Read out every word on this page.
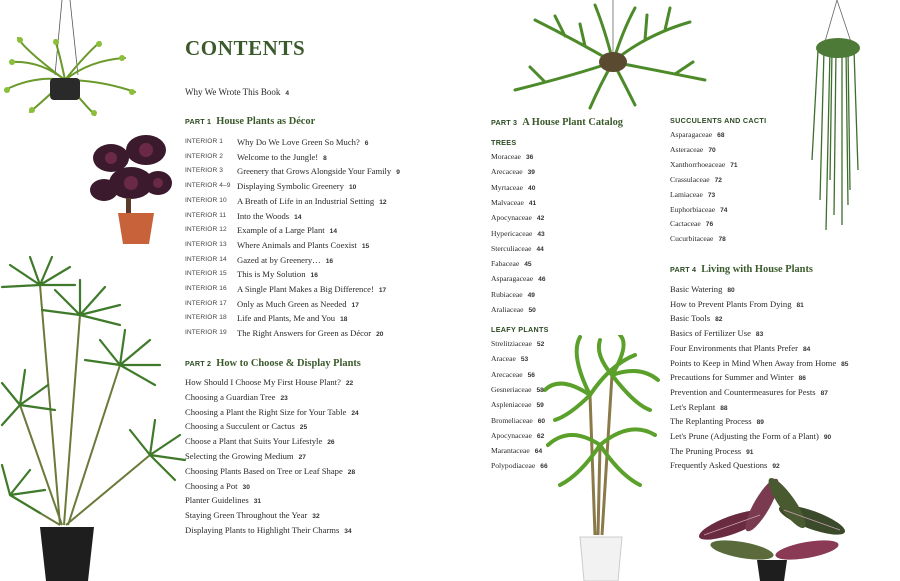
CONTENTS
Why We Wrote This Book 4
PART 1 House Plants as Décor
INTERIOR 1 Why Do We Love Green So Much? 6
INTERIOR 2 Welcome to the Jungle! 8
INTERIOR 3 Greenery that Grows Alongside Your Family 9
INTERIOR 4–9 Displaying Symbolic Greenery 10
INTERIOR 10 A Breath of Life in an Industrial Setting 12
INTERIOR 11 Into the Woods 14
INTERIOR 12 Example of a Large Plant 14
INTERIOR 13 Where Animals and Plants Coexist 15
INTERIOR 14 Gazed at by Greenery… 16
INTERIOR 15 This is My Solution 16
INTERIOR 16 A Single Plant Makes a Big Difference! 17
INTERIOR 17 Only as Much Green as Needed 17
INTERIOR 18 Life and Plants, Me and You 18
INTERIOR 19 The Right Answers for Green as Décor 20
PART 2 How to Choose & Display Plants
How Should I Choose My First House Plant? 22
Choosing a Guardian Tree 23
Choosing a Plant the Right Size for Your Table 24
Choosing a Succulent or Cactus 25
Choose a Plant that Suits Your Lifestyle 26
Selecting the Growing Medium 27
Choosing Plants Based on Tree or Leaf Shape 28
Choosing a Pot 30
Planter Guidelines 31
Staying Green Throughout the Year 32
Displaying Plants to Highlight Their Charms 34
PART 3 A House Plant Catalog
TREES
Moraceae 36
Arecaceae 39
Myrtaceae 40
Malvaceae 41
Apocynaceae 42
Hypericaceae 43
Sterculiaceae 44
Fabaceae 45
Asparagaceae 46
Rubiaceae 49
Araliaceae 50
LEAFY PLANTS
Strelitziaceae 52
Araceae 53
Arecaceae 56
Gesneriaceae 58
Aspleniaceae 59
Bromeliaceae 60
Apocynaceae 62
Marantaceae 64
Polypodiaceae 66
SUCCULENTS AND CACTI
Asparagaceae 68
Asteraceae 70
Xanthorrhoeaceae 71
Crassulaceae 72
Lamiaceae 73
Euphorbiaceae 74
Cactaceae 76
Cucurbitaceae 78
PART 4 Living with House Plants
Basic Watering 80
How to Prevent Plants From Dying 81
Basic Tools 82
Basics of Fertilizer Use 83
Four Environments that Plants Prefer 84
Points to Keep in Mind When Away from Home 85
Precautions for Summer and Winter 86
Prevention and Countermeasures for Pests 87
Let's Replant 88
The Replanting Process 89
Let's Prune (Adjusting the Form of a Plant) 90
The Pruning Process 91
Frequently Asked Questions 92
